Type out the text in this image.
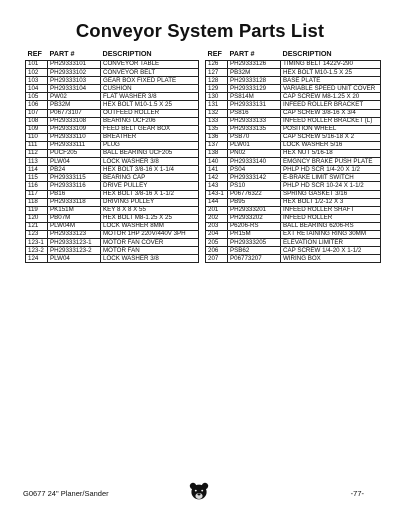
Conveyor System Parts List
REF	PART #	DESCRIPTION
101	PH29333101	CONVEYOR TABLE
102	PH29333102	CONVEYOR BELT
103	PH29333103	GEAR BOX FIXED PLATE
104	PH29333104	CUSHION
105	PW02	FLAT WASHER 3/8
106	PB32M	HEX BOLT M10-1.5 X 25
107	P06773107	OUTFEED ROLLER
108	PH29333108	BEARING UCF206
109	PH29333109	FEED BELT GEAR BOX
110	PH29333110	BREATHER
111	PH29333111	PLUG
112	PUCF205	BALL BEARING UCF205
113	PLW04	LOCK WASHER 3/8
114	PB24	HEX BOLT 3/8-16 X 1-1/4
115	PH29333115	BEARING CAP
116	PH29333116	DRIVE PULLEY
117	PB16	HEX BOLT 3/8-16 X 1-1/2
118	PH29333118	DRIVING PULLEY
119	PK151M	KEY 8 X 8 X 55
120	PB07M	HEX BOLT M8-1.25 X 25
121	PLW04M	LOCK WASHER 8MM
123	PH29333123	MOTOR 1HP 220V/440V 3PH
123-1	PH29333123-1	MOTOR FAN COVER
123-2	PH29333123-2	MOTOR FAN
124	PLW04	LOCK WASHER 3/8
REF	PART #	DESCRIPTION
126	PH29333126	TIMING BELT 1422V-290
127	PB32M	HEX BOLT M10-1.5 X 25
128	PH29333128	BASE PLATE
129	PH29333129	VARIABLE SPEED UNIT COVER
130	PS814M	CAP SCREW M8-1.25 X 20
131	PH29333131	INFEED ROLLER BRACKET
132	PS816	CAP SCREW 3/8-16 X 3/4
133	PH29333133	INFEED ROLLER BRACKET (L)
135	PH29333135	POSITION WHEEL
136	PSB70	CAP SCREW 5/16-18 X 2
137	PLW01	LOCK WASHER 5/16
138	PN02	HEX NUT 5/16-18
140	PH29333140	EMGNCY BRAKE PUSH PLATE
141	PS04	PHLP HD SCR 1/4-20 X 1/2
142	PH29333142	E-BRAKE LIMIT SWITCH
143	PS10	PHLP HD SCR 10-24 X 1-1/2
143-1	P06776322	SPRING GASKET 3/16
144	PB95	HEX BOLT 1/2-12 X 3
201	PH29333201	INFEED ROLLER SHAFT
202	PH2933202	INFEED ROLLER
203	P6206-RS	BALL BEARING 6206-RS
204	PR15M	EXT RETAINING RING 30MM
205	PH29333205	ELEVATION LIMITER
206	PSB62	CAP SCREW 1/4-20 X 1-1/2
207	P06773207	WIRING BOX
G0677 24" Planer/Sander	-77-
